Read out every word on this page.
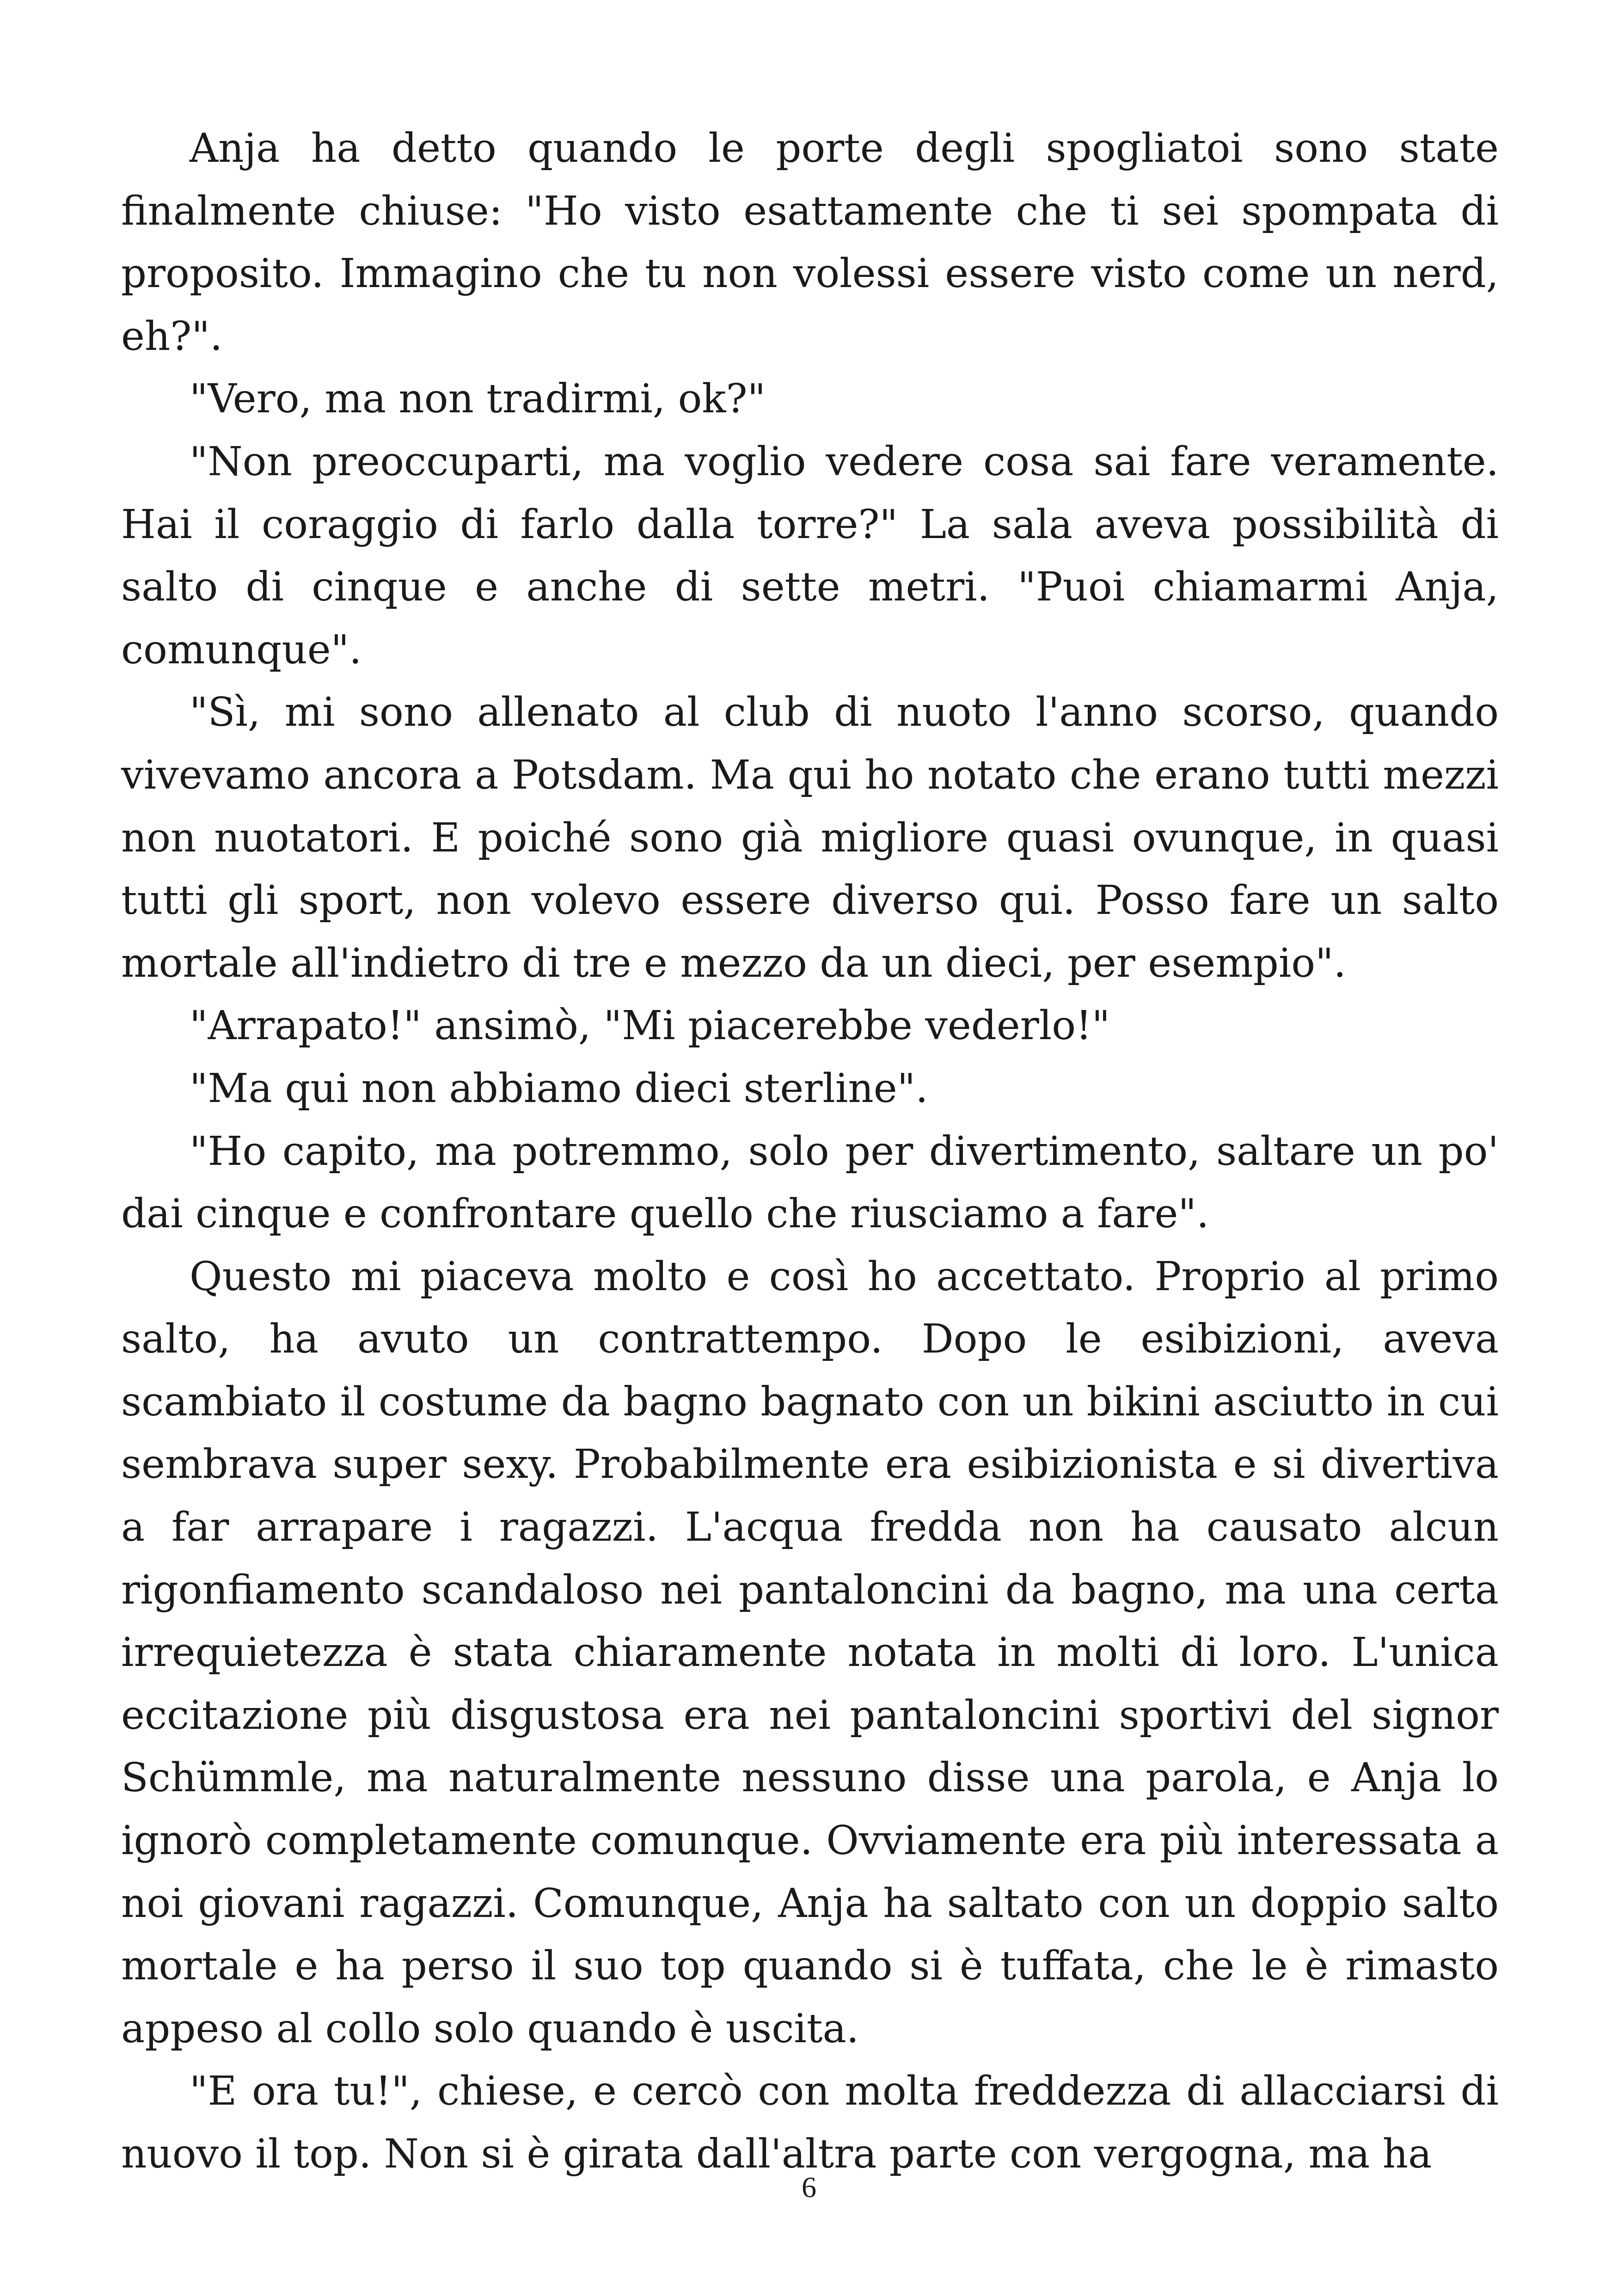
Anja ha detto quando le porte degli spogliatoi sono state finalmente chiuse: "Ho visto esattamente che ti sei spompata di proposito. Immagino che tu non volessi essere visto come un nerd, eh?".

"Vero, ma non tradirmi, ok?"

"Non preoccuparti, ma voglio vedere cosa sai fare veramente. Hai il coraggio di farlo dalla torre?" La sala aveva possibilità di salto di cinque e anche di sette metri. "Puoi chiamarmi Anja, comunque".

"Sì, mi sono allenato al club di nuoto l'anno scorso, quando vivevamo ancora a Potsdam. Ma qui ho notato che erano tutti mezzi non nuotatori. E poiché sono già migliore quasi ovunque, in quasi tutti gli sport, non volevo essere diverso qui. Posso fare un salto mortale all'indietro di tre e mezzo da un dieci, per esempio".

"Arrapato!" ansimò, "Mi piacerebbe vederlo!"

"Ma qui non abbiamo dieci sterline".

"Ho capito, ma potremmo, solo per divertimento, saltare un po' dai cinque e confrontare quello che riusciamo a fare".

Questo mi piaceva molto e così ho accettato. Proprio al primo salto, ha avuto un contrattempo. Dopo le esibizioni, aveva scambiato il costume da bagno bagnato con un bikini asciutto in cui sembrava super sexy. Probabilmente era esibizionista e si divertiva a far arrapare i ragazzi. L'acqua fredda non ha causato alcun rigonfiamento scandaloso nei pantaloncini da bagno, ma una certa irrequietezza è stata chiaramente notata in molti di loro. L'unica eccitazione più disgustosa era nei pantaloncini sportivi del signor Schümmle, ma naturalmente nessuno disse una parola, e Anja lo ignorò completamente comunque. Ovviamente era più interessata a noi giovani ragazzi. Comunque, Anja ha saltato con un doppio salto mortale e ha perso il suo top quando si è tuffata, che le è rimasto appeso al collo solo quando è uscita.

"E ora tu!", chiese, e cercò con molta freddezza di allacciarsi di nuovo il top. Non si è girata dall'altra parte con vergogna, ma ha

6
